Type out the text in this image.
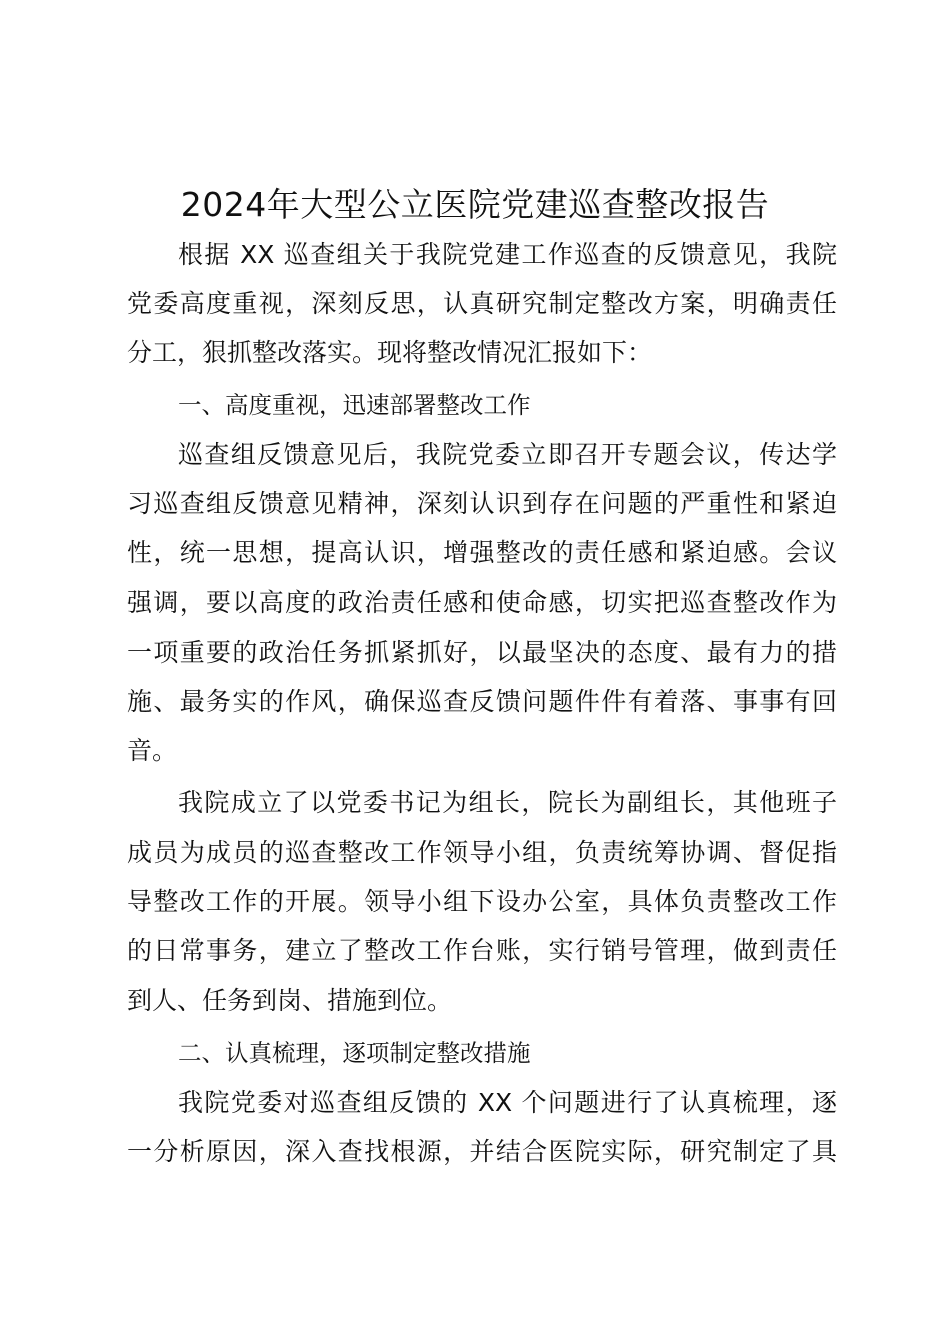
2024年大型公立医院党建巡查整改报告
根据 XX 巡查组关于我院党建工作巡查的反馈意见，我院
党委高度重视，深刻反思，认真研究制定整改方案，明确责任
分工，狠抓整改落实。现将整改情况汇报如下：
一、高度重视，迅速部署整改工作
巡查组反馈意见后，我院党委立即召开专题会议，传达学
习巡查组反馈意见精神，深刻认识到存在问题的严重性和紧迫
性，统一思想，提高认识，增强整改的责任感和紧迫感。会议
强调，要以高度的政治责任感和使命感，切实把巡查整改作为
一项重要的政治任务抓紧抓好，以最坚决的态度、最有力的措
施、最务实的作风，确保巡查反馈问题件件有着落、事事有回
音。
我院成立了以党委书记为组长，院长为副组长，其他班子
成员为成员的巡查整改工作领导小组，负责统筹协调、督促指
导整改工作的开展。领导小组下设办公室，具体负责整改工作
的日常事务，建立了整改工作台账，实行销号管理，做到责任
到人、任务到岗、措施到位。
二、认真梳理，逐项制定整改措施
我院党委对巡查组反馈的 XX 个问题进行了认真梳理，逐
一分析原因，深入查找根源，并结合医院实际，研究制定了具
